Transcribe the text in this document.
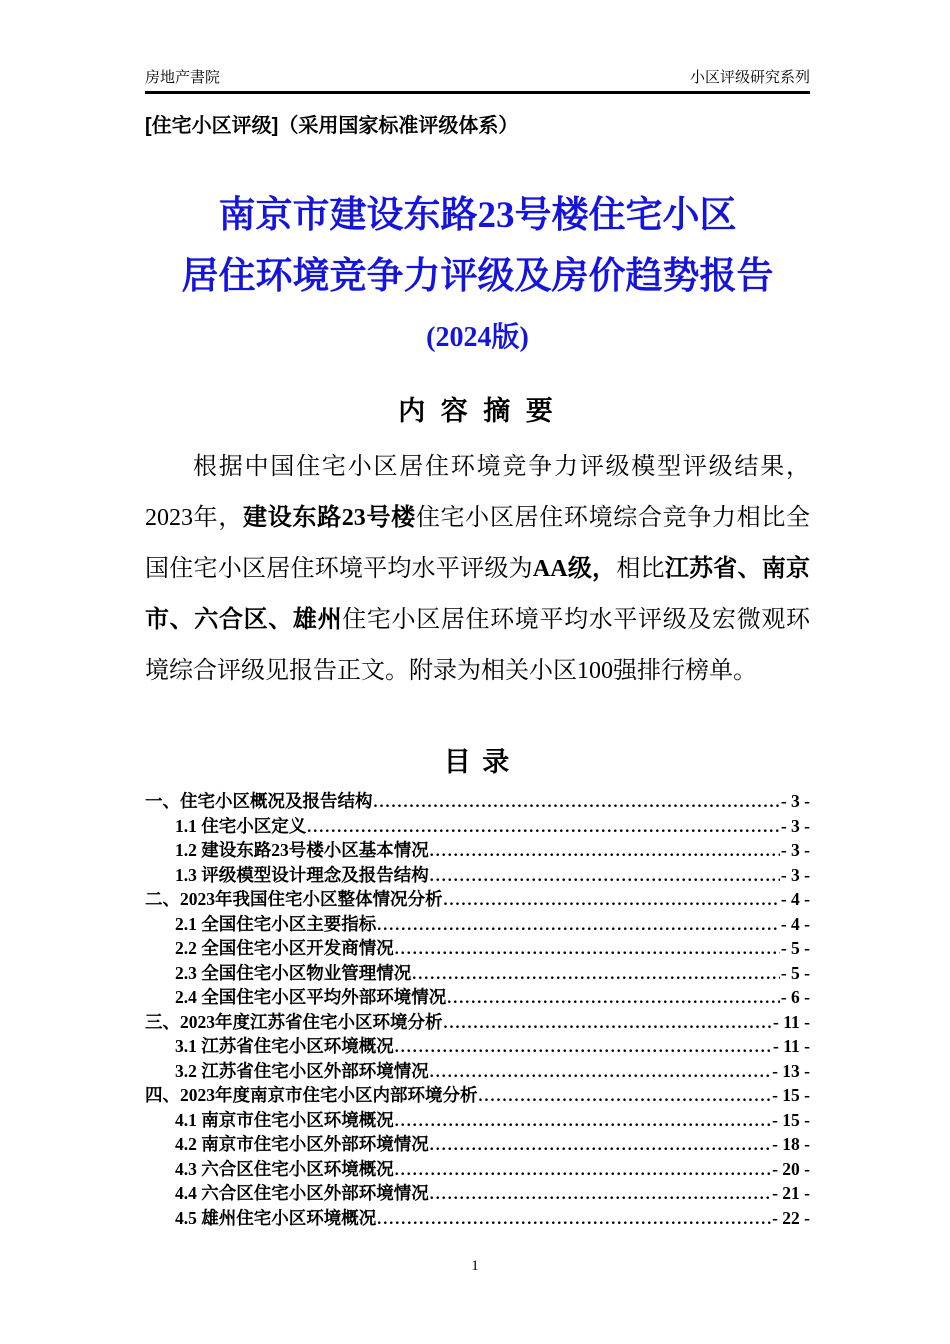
房地产書院	小区评级研究系列
[住宅小区评级]（采用国家标准评级体系）
南京市建设东路23号楼住宅小区
居住环境竞争力评级及房价趋势报告
(2024版)
内 容 摘 要

根据中国住宅小区居住环境竞争力评级模型评级结果，2023年，建设东路23号楼住宅小区居住环境综合竞争力相比全国住宅小区居住环境平均水平评级为AA级，相比江苏省、南京市、六合区、雄州住宅小区居住环境平均水平评级及宏微观环境综合评级见报告正文。附录为相关小区100强排行榜单。

目 录
一、住宅小区概况及报告结构 .....	- 3 -
1.1 住宅小区定义 .....	- 3 -
1.2 建设东路23号楼小区基本情况 .....	- 3 -
1.3 评级模型设计理念及报告结构 .....	- 3 -
二、2023年我国住宅小区整体情况分析 .....	- 4 -
2.1 全国住宅小区主要指标 .....	- 4 -
2.2 全国住宅小区开发商情况 .....	- 5 -
2.3 全国住宅小区物业管理情况 .....	- 5 -
2.4 全国住宅小区平均外部环境情况 .....	- 6 -
三、2023年度江苏省住宅小区环境分析 .....	- 11 -
3.1 江苏省住宅小区环境概况 .....	- 11 -
3.2 江苏省住宅小区外部环境情况 .....	- 13 -
四、2023年度南京市住宅小区内部环境分析 .....	- 15 -
4.1 南京市住宅小区环境概况 .....	- 15 -
4.2 南京市住宅小区外部环境情况 .....	- 18 -
4.3 六合区住宅小区环境概况 .....	- 20 -
4.4 六合区住宅小区外部环境情况 .....	- 21 -
4.5 雄州住宅小区环境概况 .....	- 22 -
1
